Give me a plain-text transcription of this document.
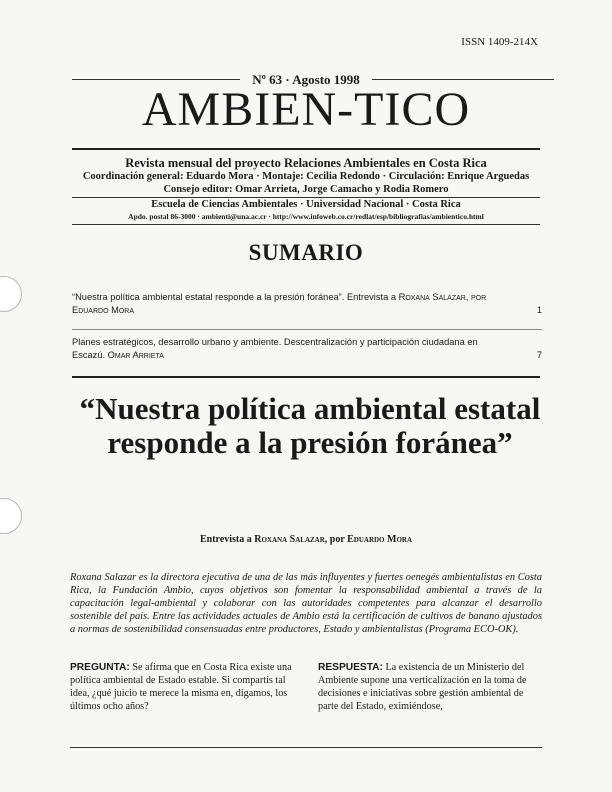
ISSN 1409-214X
Nº 63 · Agosto 1998
AMBIEN-TICO
Revista mensual del proyecto Relaciones Ambientales en Costa Rica
Coordinación general: Eduardo Mora · Montaje: Cecilia Redondo · Circulación: Enrique Arguedas
Consejo editor: Omar Arrieta, Jorge Camacho y Rodia Romero
Escuela de Ciencias Ambientales · Universidad Nacional · Costa Rica
Apdo. postal 86-3000 · ambienti@una.ac.cr · http://www.infoweb.co.cr/redlat/esp/bibliografias/ambientico.html
SUMARIO
“Nuestra política ambiental estatal responde a la presión foránea”. Entrevista a Roxana Salazar, por Eduardo Mora	1
Planes estratégicos, desarrollo urbano y ambiente. Descentralización y participación ciudadana en Escazú. Omar Arrieta	7
“Nuestra política ambiental estatal responde a la presión foránea”
Entrevista a Roxana Salazar, por Eduardo Mora
Roxana Salazar es la directora ejecutiva de una de las más influyentes y fuertes oenegés ambientalistas en Costa Rica, la Fundación Ambio, cuyos objetivos son fomentar la responsabilidad ambiental a través de la capacitación legal-ambiental y colaborar con las autoridades competentes para alcanzar el desarrollo sostenible del país. Entre las actividades actuales de Ambio está la certificación de cultivos de banano ajustados a normas de sostenibilidad consensuadas entre productores, Estado y ambientalistas (Programa ECO-OK).
PREGUNTA: Se afirma que en Costa Rica existe una política ambiental de Estado estable. Si compartís tal idea, ¿qué juicio te merece la misma en, digamos, los últimos ocho años?
RESPUESTA: La existencia de un Ministerio del Ambiente supone una verticalización en la toma de decisiones e iniciativas sobre gestión ambiental de parte del Estado, eximiéndose,
